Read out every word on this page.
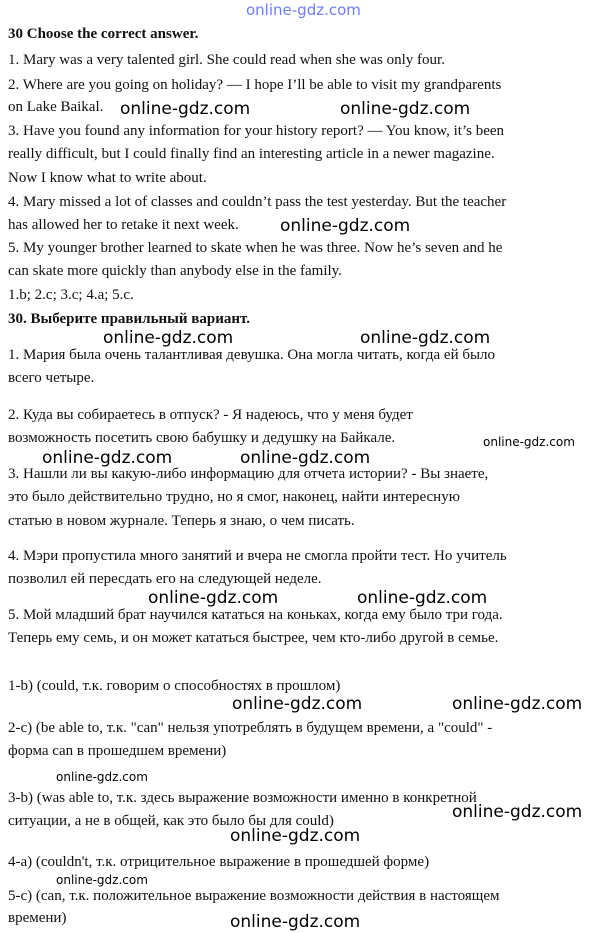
online-gdz.com
30 Choose the correct answer.
1. Mary was a very talented girl. She could read when she was only four.
2. Where are you going on holiday? — I hope I’ll be able to visit my grandparents
on Lake Baikal.
3. Have you found any information for your history report? — You know, it’s been
really difficult, but I could finally find an interesting article in a newer magazine.
Now I know what to write about.
4. Mary missed a lot of classes and couldn’t pass the test yesterday. But the teacher
has allowed her to retake it next week.
5. My younger brother learned to skate when he was three. Now he’s seven and he
can skate more quickly than anybody else in the family.
1.b; 2.c; 3.c; 4.a; 5.c.
30. Выберите правильный вариант.
1. Мария была очень талантливая девушка. Она могла читать, когда ей было
всего четыре.
2. Куда вы собираетесь в отпуск? - Я надеюсь, что у меня будет
возможность посетить свою бабушку и дедушку на Байкале.
3. Нашли ли вы какую-либо информацию для отчета истории? - Вы знаете,
это было действительно трудно, но я смог, наконец, найти интересную
статью в новом журнале. Теперь я знаю, о чем писать.
4. Мэри пропустила много занятий и вчера не смогла пройти тест. Но учитель
позволил ей пересдать его на следующей неделе.
5. Мой младший брат научился кататься на коньках, когда ему было три года.
Теперь ему семь, и он может кататься быстрее, чем кто-либо другой в семье.
1-b) (could, т.к. говорим о способностях в прошлом)
2-c) (be able to, т.к. "can" нельзя употреблять в будущем времени, а "could" -
форма can в прошедшем времени)
3-b) (was able to, т.к. здесь выражение возможности именно в конкретной
ситуации, а не в общей, как это было бы для could)
4-a) (couldn't, т.к. отрицительное выражение в прошедшей форме)
5-c) (can, т.к. положительное выражение возможности действия в настоящем
времени)
online-gdz.com	online-gdz.com
online-gdz.com
online-gdz.com	online-gdz.com
online-gdz.com
online-gdz.com
online-gdz.com
online-gdz.com	online-gdz.com
online-gdz.com	online-gdz.com
online-gdz.com
online-gdz.com
online-gdz.com
online-gdz.com
online-gdz.com
